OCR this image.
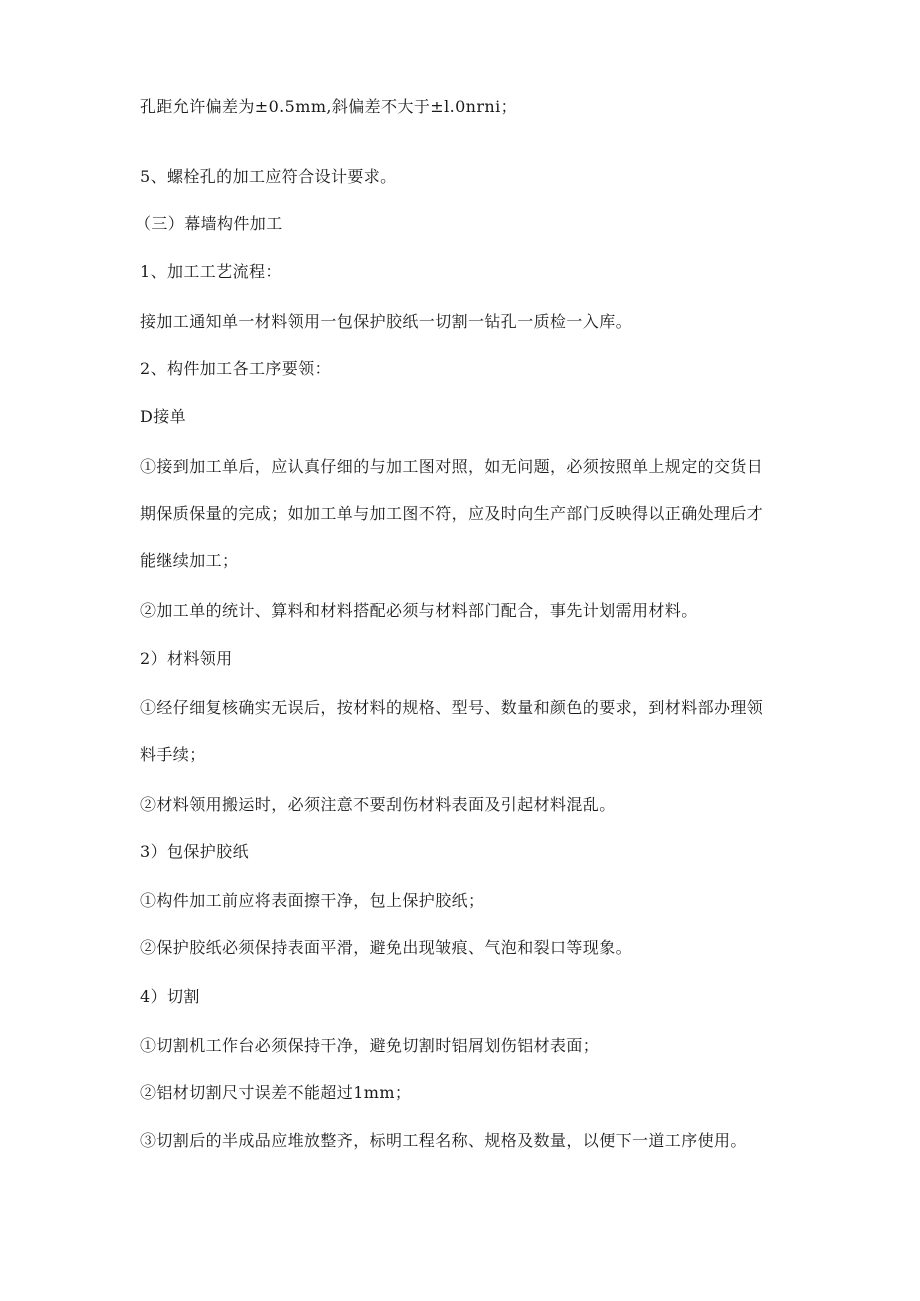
孔距允许偏差为±0.5mm,斜偏差不大于±l.0nrni；
5、螺栓孔的加工应符合设计要求。
（三）幕墙构件加工
1、加工工艺流程：
接加工通知单一材料领用一包保护胶纸一切割一钻孔一质检一入库。
2、构件加工各工序要领：
D接单
①接到加工单后，应认真仔细的与加工图对照，如无问题，必须按照单上规定的交货日
期保质保量的完成；如加工单与加工图不符，应及时向生产部门反映得以正确处理后才
能继续加工；
②加工单的统计、算料和材料搭配必须与材料部门配合，事先计划需用材料。
2）材料领用
①经仔细复核确实无误后，按材料的规格、型号、数量和颜色的要求，到材料部办理领
料手续；
②材料领用搬运时，必须注意不要刮伤材料表面及引起材料混乱。
3）包保护胶纸
①构件加工前应将表面擦干净，包上保护胶纸；
②保护胶纸必须保持表面平滑，避免出现皱痕、气泡和裂口等现象。
4）切割
①切割机工作台必须保持干净，避免切割时铝屑划伤铝材表面；
②铝材切割尺寸误差不能超过1mm；
③切割后的半成品应堆放整齐，标明工程名称、规格及数量，以便下一道工序使用。
